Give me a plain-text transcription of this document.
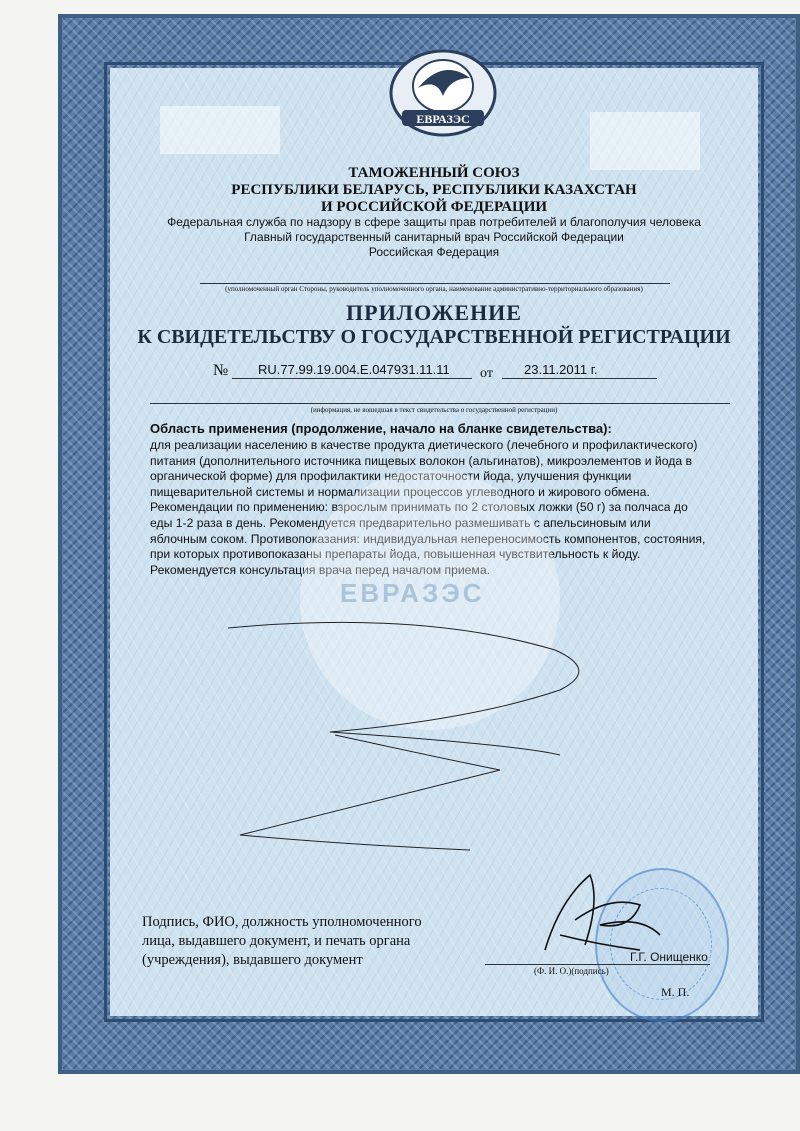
ЕВРАЗЭС
ТАМОЖЕННЫЙ СОЮЗ
РЕСПУБЛИКИ БЕЛАРУСЬ, РЕСПУБЛИКИ КАЗАХСТАН
И РОССИЙСКОЙ ФЕДЕРАЦИИ
Федеральная служба по надзору в сфере защиты прав потребителей и благополучия человека
Главный государственный санитарный врач Российской Федерации
Российская Федерация
(уполномоченный орган Стороны, руководитель уполномоченного органа, наименование административно-территориального образования)
ПРИЛОЖЕНИЕ
К СВИДЕТЕЛЬСТВУ О ГОСУДАРСТВЕННОЙ РЕГИСТРАЦИИ
№ RU.77.99.19.004.E.047931.11.11 от 23.11.2011 г.
(информация, не вошедшая в текст свидетельства о государственной регистрации)
Область применения (продолжение, начало на бланке свидетельства):
для реализации населению в качестве продукта диетического (лечебного и профилактического)
питания (дополнительного источника пищевых волокон (альгинатов), микроэлементов и йода в
органической форме) для профилактики недостаточности йода, улучшения функции
пищеварительной системы и нормализации процессов углеводного и жирового обмена.
Рекомендации по применению: взрослым принимать по 2 столовых ложки (50 г) за полчаса до
еды 1-2 раза в день. Рекомендуется предварительно размешивать с апельсиновым или
яблочным соком. Противопоказания: индивидуальная непереносимость компонентов, состояния,
при которых противопоказаны препараты йода, повышенная чувствительность к йоду.
Рекомендуется консультация врача перед началом приема.
ЕВРАЗЭС
Подпись, ФИО, должность уполномоченного
лица, выдавшего документ, и печать органа
(учреждения), выдавшего документ	Г.Г. Онищенко
(Ф. И. О.)(подпись)
М. П.
